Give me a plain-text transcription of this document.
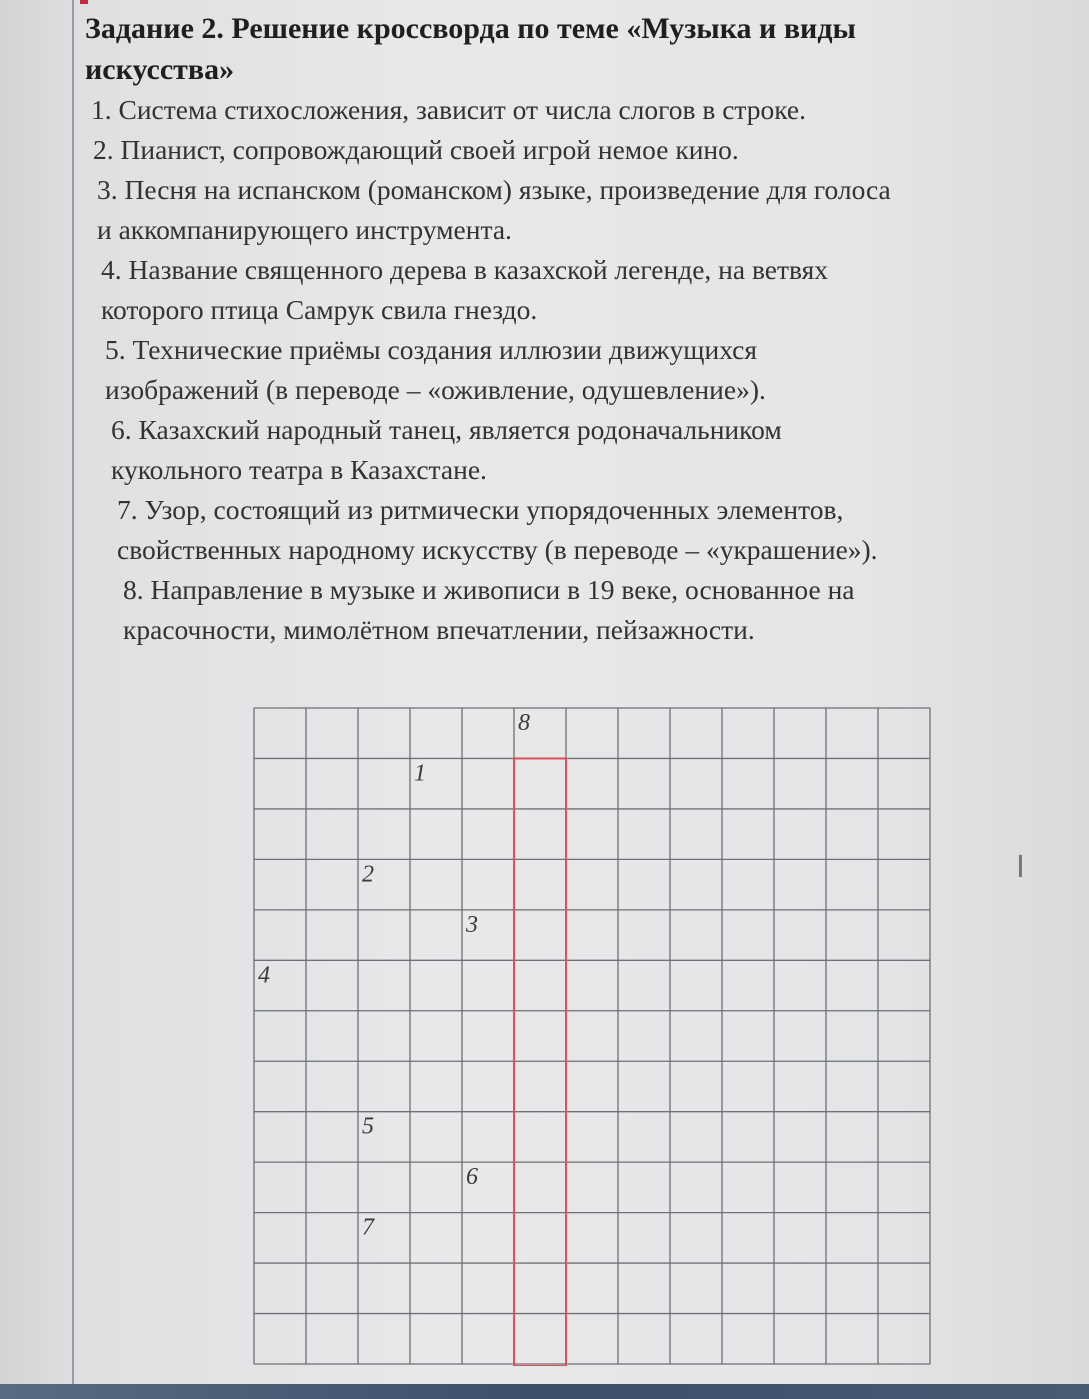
Задание 2. Решение кроссворда по теме «Музыка и виды
искусства»

1. Система стихосложения, зависит от числа слогов в строке.

2. Пианист, сопровождающий своей игрой немое кино.

3. Песня на испанском (романском) языке, произведение для голоса
и аккомпанирующего инструмента.

4. Название священного дерева в казахской легенде, на ветвях
которого птица Самрук свила гнездо.

5. Технические приёмы создания иллюзии движущихся
изображений (в переводе – «оживление, одушевление»).

6. Казахский народный танец, является родоначальником
кукольного театра в Казахстане.

7. Узор, состоящий из ритмически упорядоченных элементов,
свойственных народному искусству (в переводе – «украшение»).

8. Направление в музыке и живописи в 19 веке, основанное на
красочности, мимолётном впечатлении, пейзажности.

8
1
2
3
4
5
6
7
I
